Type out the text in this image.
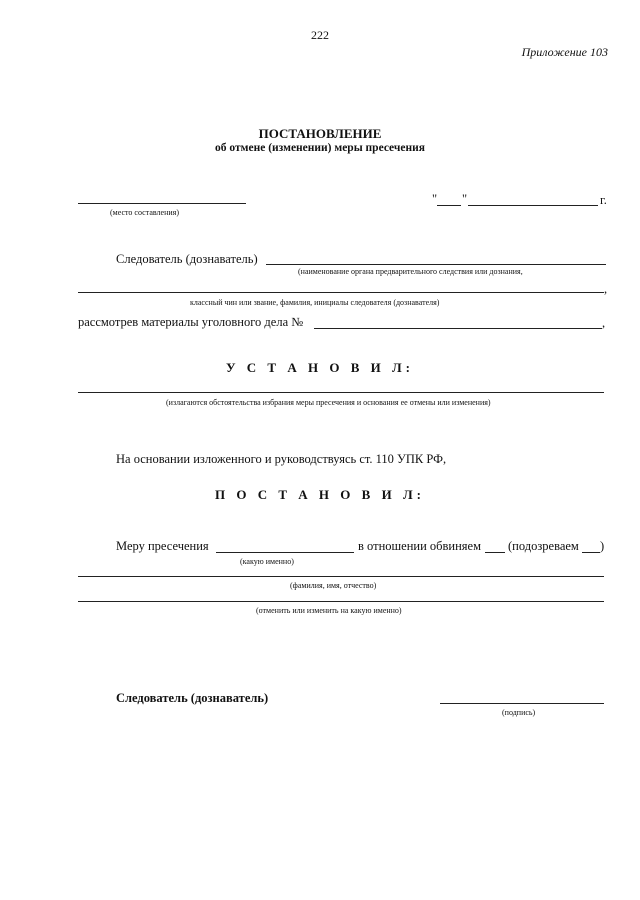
222
Приложение 103
ПОСТАНОВЛЕНИЕ
об отмене (изменении) меры пресечения
(место составления)
" "	г.
Следователь (дознаватель)
(наименование органа предварительного следствия или дознания,
,
классный чин или звание, фамилия, инициалы следователя (дознавателя)
рассмотрев материалы уголовного дела №	,
У С Т А Н О В И Л:
(излагаются обстоятельства избрания меры пресечения и основания ее отмены или изменения)
На основании изложенного и руководствуясь ст. 110 УПК РФ,
П О С Т А Н О В И Л:
Меру пресечения	в отношении обвиняем (подозреваем )
(какую именно)
(фамилия, имя, отчество)
(отменить или изменить на какую именно)
Следователь (дознаватель)
(подпись)
